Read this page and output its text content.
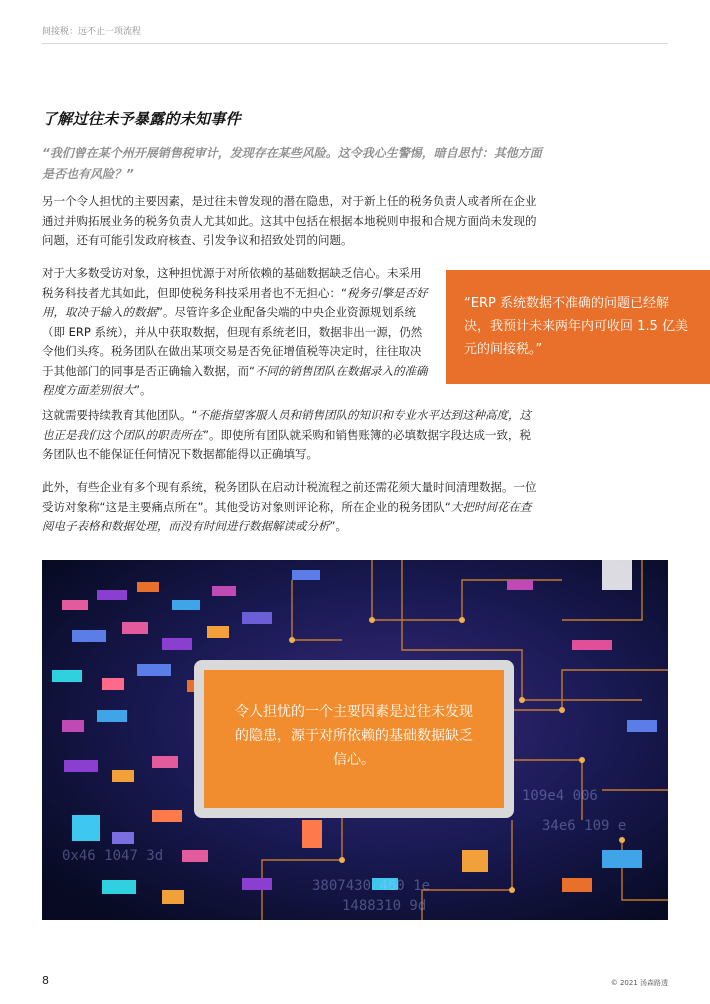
间接税：远不止一项流程
了解过往未予暴露的未知事件
“我们曾在某个州开展销售税审计，发现存在某些风险。这令我心生警惕，暗自思忖：其他方面是否也有风险？”
另一个令人担忧的主要因素，是过往未曾发现的潜在隐患，对于新上任的税务负责人或者所在企业通过并购拓展业务的税务负责人尤其如此。这其中包括在根据本地税则申报和合规方面尚未发现的问题，还有可能引发政府核查、引发争议和招致处罚的问题。
对于大多数受访对象，这种担忧源于对所依赖的基础数据缺乏信心。未采用税务科技者尤其如此，但即使税务科技采用者也不无担心：“税务引擎是否好用，取决于输入的数据”。尽管许多企业配备尖端的中央企业资源规划系统（即 ERP 系统），并从中获取数据，但现有系统老旧，数据非出一源，仍然令他们头疼。税务团队在做出某项交易是否免征增值税等决定时，往往取决于其他部门的同事是否正确输入数据，而“不同的销售团队在数据录入的准确程度方面差别很大”。
“ERP 系统数据不准确的问题已经解决，我预计未来两年内可收回 1.5 亿美元的间接税。”
这就需要持续教育其他团队。“不能指望客服人员和销售团队的知识和专业水平达到这种高度，这也正是我们这个团队的职责所在”。即使所有团队就采购和销售账簿的必填数据字段达成一致，税务团队也不能保证任何情况下数据都能得以正确填写。
此外，有些企业有多个现有系统，税务团队在启动计税流程之前还需花须大量时间清理数据。一位受访对象称“这是主要痛点所在”。其他受访对象则评论称，所在企业的税务团队“大把时间花在查阅电子表格和数据处理，而没有时间进行数据解读或分析”。
0x46 1047 3d
3807430 460 1e
1488310 9d
109e4 006
34e6 109 e
令人担忧的一个主要因素是过往未发现的隐患，源于对所依赖的基础数据缺乏信心。
8	© 2021 汤森路透
